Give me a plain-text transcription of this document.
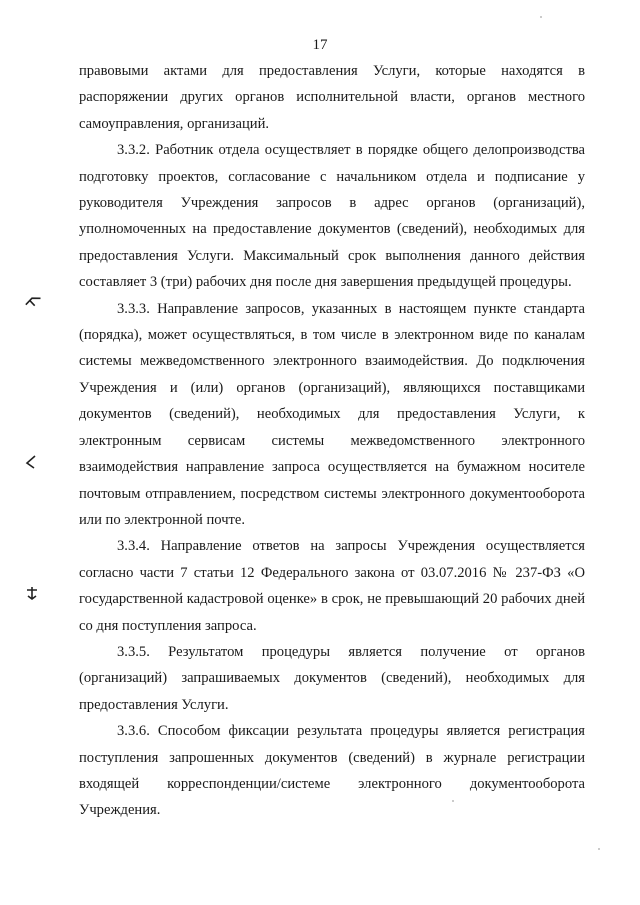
17

правовыми актами для предоставления Услуги, которые находятся в распоряжении других органов исполнительной власти, органов местного самоуправления, организаций.

3.3.2. Работник отдела осуществляет в порядке общего делопроизводства подготовку проектов, согласование с начальником отдела и подписание у руководителя Учреждения запросов в адрес органов (организаций), уполномоченных на предоставление документов (сведений), необходимых для предоставления Услуги. Максимальный срок выполнения данного действия составляет 3 (три) рабочих дня после дня завершения предыдущей процедуры.

3.3.3. Направление запросов, указанных в настоящем пункте стандарта (порядка), может осуществляться, в том числе в электронном виде по каналам системы межведомственного электронного взаимодействия. До подключения Учреждения и (или) органов (организаций), являющихся поставщиками документов (сведений), необходимых для предоставления Услуги, к электронным сервисам системы межведомственного электронного взаимодействия направление запроса осуществляется на бумажном носителе почтовым отправлением, посредством системы электронного документооборота или по электронной почте.

3.3.4. Направление ответов на запросы Учреждения осуществляется согласно части 7 статьи 12 Федерального закона от 03.07.2016 № 237-ФЗ «О государственной кадастровой оценке» в срок, не превышающий 20 рабочих дней со дня поступления запроса.

3.3.5. Результатом процедуры является получение от органов (организаций) запрашиваемых документов (сведений), необходимых для предоставления Услуги.

3.3.6. Способом фиксации результата процедуры является регистрация поступления запрошенных документов (сведений) в журнале регистрации входящей корреспонденции/системе электронного документооборота Учреждения.
